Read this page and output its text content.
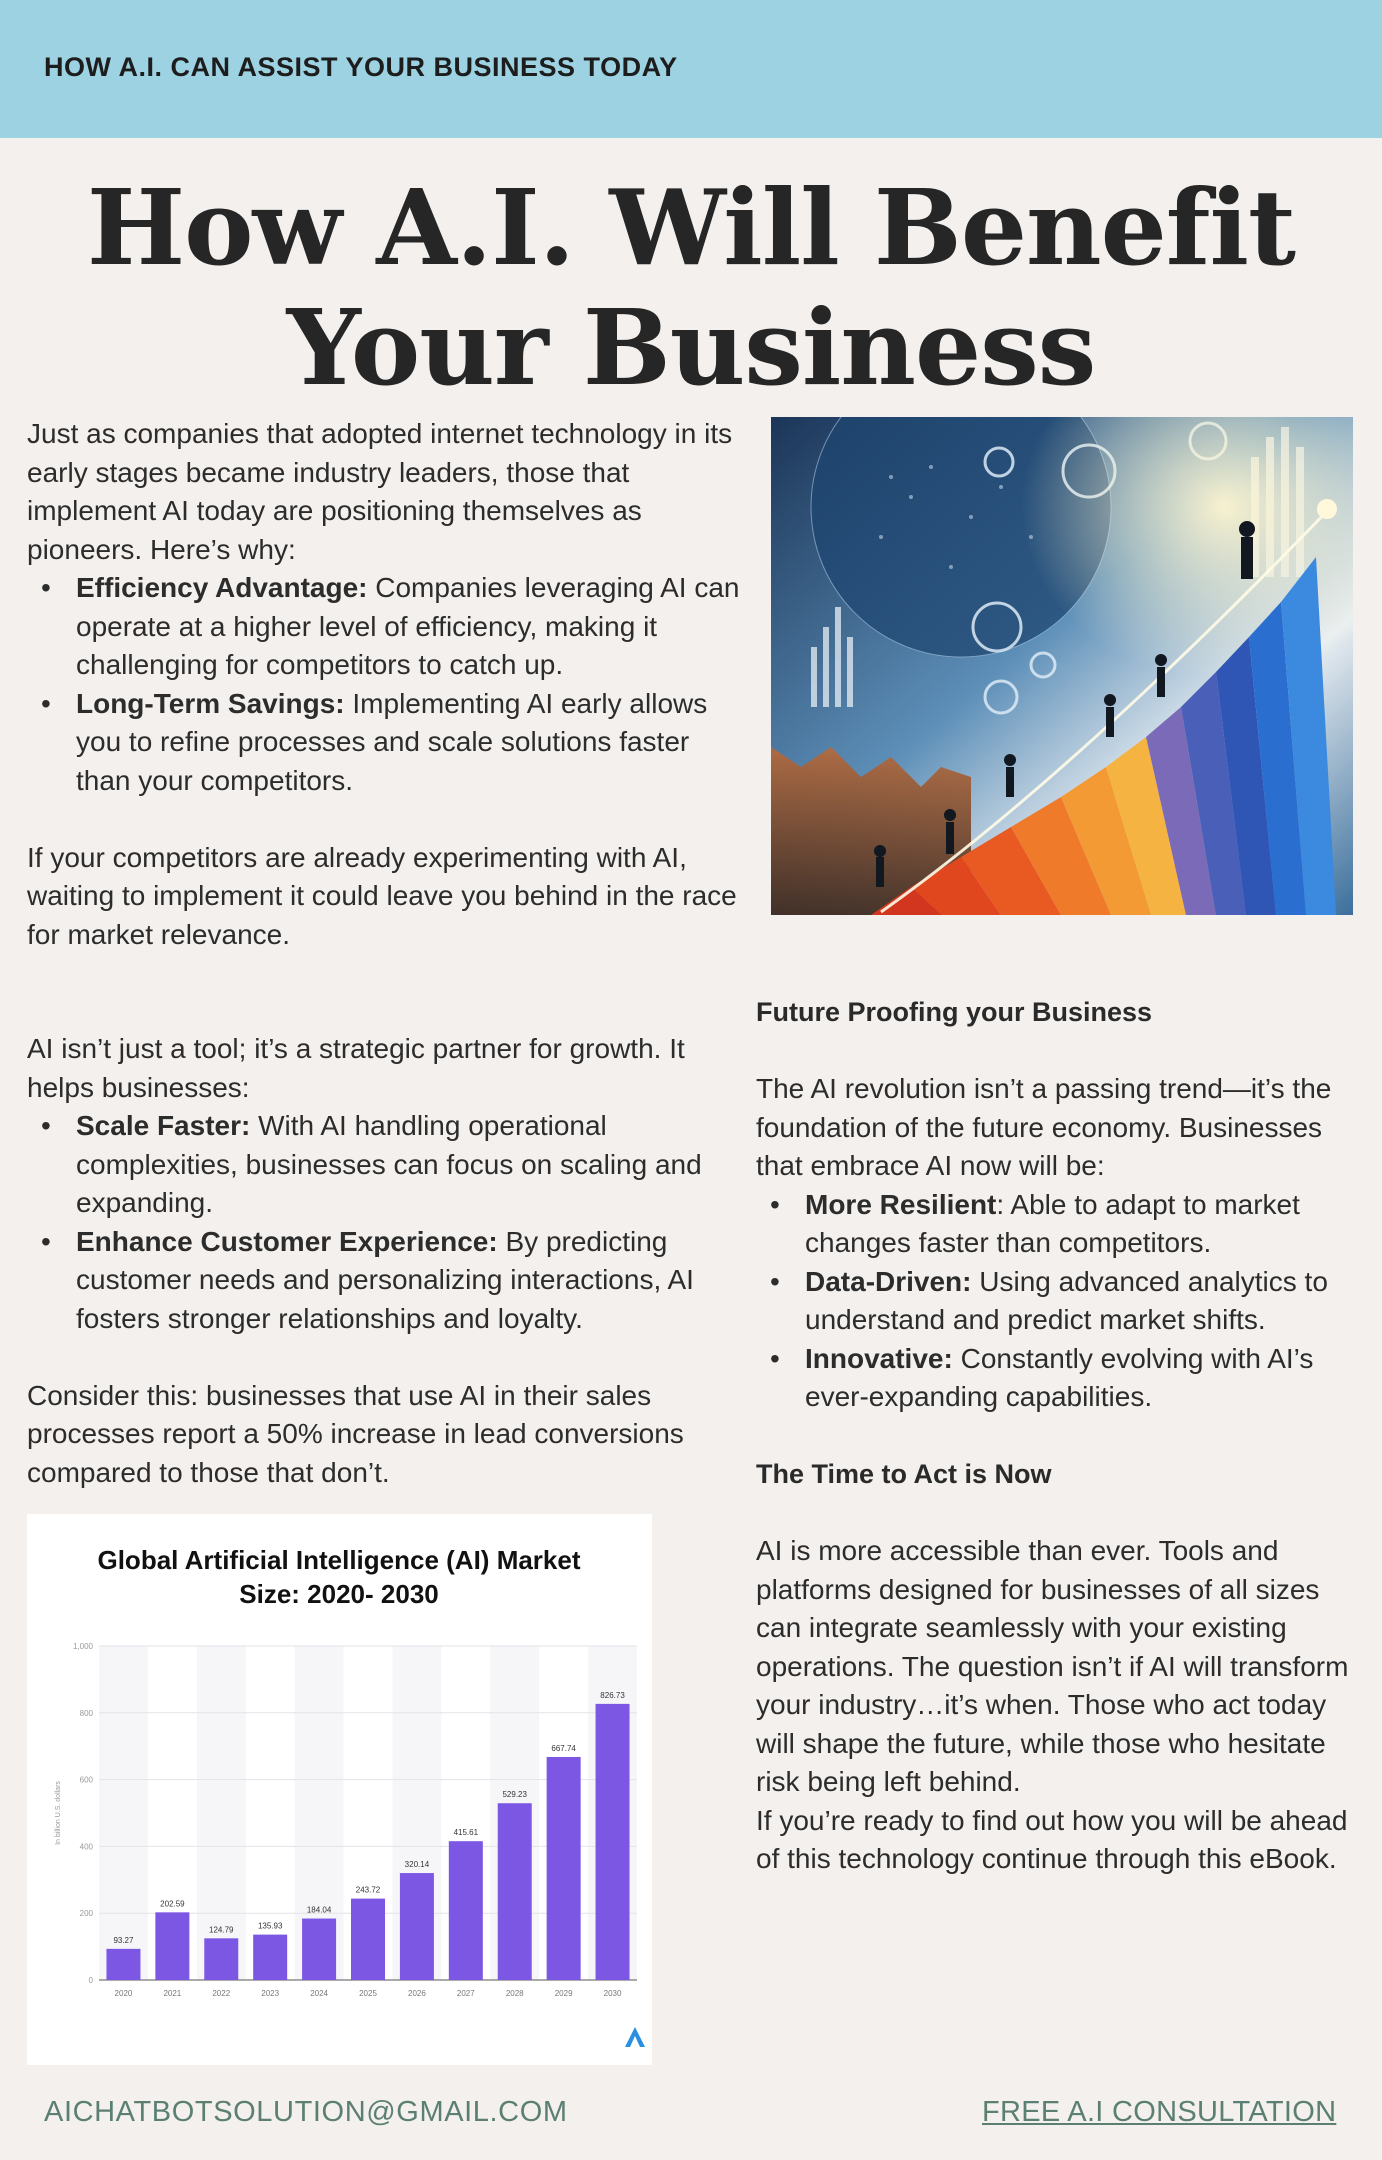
HOW A.I. CAN ASSIST YOUR BUSINESS TODAY
How A.I. Will Benefit
Your Business

Just as companies that adopted internet technology in its early stages became industry leaders, those that implement AI today are positioning themselves as pioneers. Here’s why:

• Efficiency Advantage: Companies leveraging AI can operate at a higher level of efficiency, making it challenging for competitors to catch up.
• Long-Term Savings: Implementing AI early allows you to refine processes and scale solutions faster than your competitors.

If your competitors are already experimenting with AI, waiting to implement it could leave you behind in the race for market relevance.

AI isn’t just a tool; it’s a strategic partner for growth. It helps businesses:

• Scale Faster: With AI handling operational complexities, businesses can focus on scaling and expanding.
• Enhance Customer Experience: By predicting customer needs and personalizing interactions, AI fosters stronger relationships and loyalty.

Consider this: businesses that use AI in their sales processes report a 50% increase in lead conversions compared to those that don’t.

Global Artificial Intelligence (AI) Market
Size: 2020- 2030
0
200
400
600
800
1,000
In billion U.S. dollars
93.27
2020
202.59
2021
124.79
2022
135.93
2023
184.04
2024
243.72
2025
320.14
2026
415.61
2027
529.23
2028
667.74
2029
826.73
2030
Future Proofing your Business

The AI revolution isn’t a passing trend—it’s the foundation of the future economy. Businesses that embrace AI now will be:

• More Resilient: Able to adapt to market changes faster than competitors.
• Data-Driven: Using advanced analytics to understand and predict market shifts.
• Innovative: Constantly evolving with AI’s ever-expanding capabilities.
The Time to Act is Now

AI is more accessible than ever. Tools and platforms designed for businesses of all sizes can integrate seamlessly with your existing operations. The question isn’t if AI will transform your industry…it’s when. Those who act today will shape the future, while those who hesitate risk being left behind.

If you’re ready to find out how you will be ahead of this technology continue through this eBook.

AICHATBOTSOLUTION@GMAIL.COM	FREE A.I CONSULTATION
